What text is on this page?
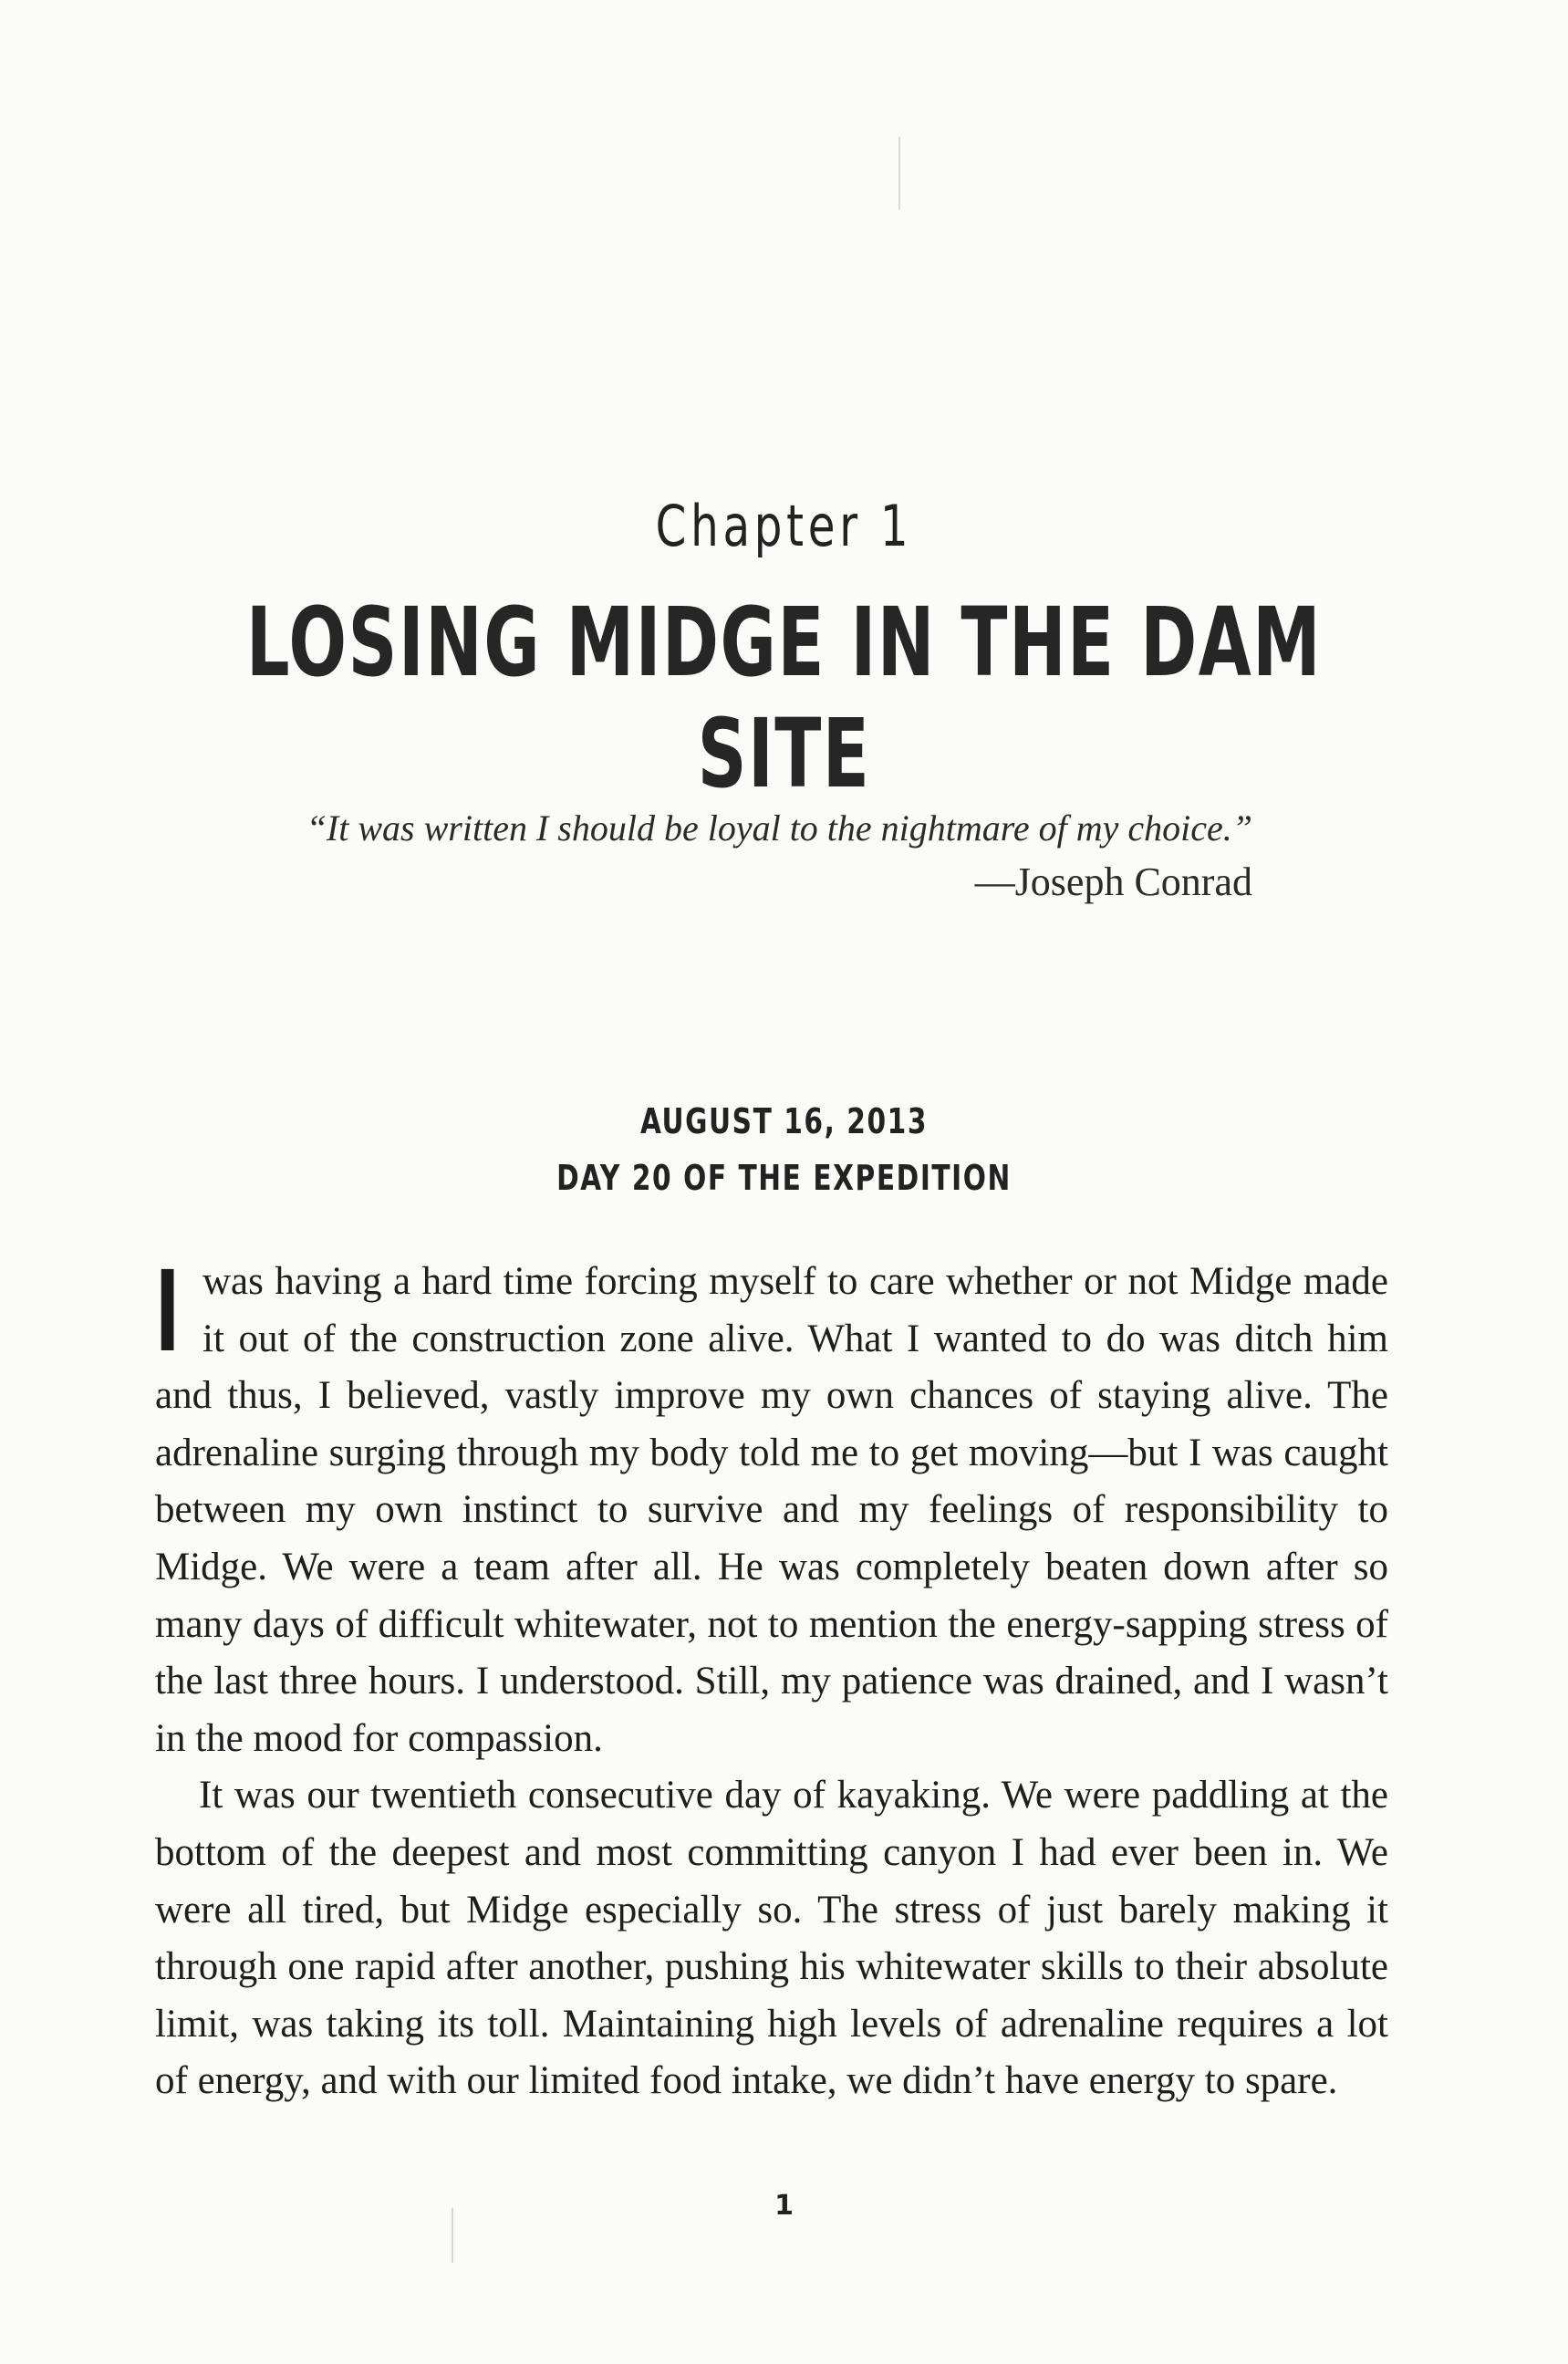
Chapter 1
LOSING MIDGE IN THE DAM SITE
“It was written I should be loyal to the nightmare of my choice.”
—Joseph Conrad
AUGUST 16, 2013
DAY 20 OF THE EXPEDITION

Iwas having a hard time forcing myself to care whether or not Midge made it out of the construction zone alive. What I wanted to do was ditch him and thus, I believed, vastly improve my own chances of staying alive. The adrenaline surging through my body told me to get moving—but I was caught between my own instinct to survive and my feelings of responsibility to Midge. We were a team after all. He was completely beaten down after so many days of difficult whitewater, not to mention the energy-sapping stress of the last three hours. I understood. Still, my patience was drained, and I wasn’t in the mood for compassion.

It was our twentieth consecutive day of kayaking. We were paddling at the bottom of the deepest and most committing canyon I had ever been in. We were all tired, but Midge especially so. The stress of just barely making it through one rapid after another, pushing his whitewater skills to their absolute limit, was taking its toll. Maintaining high levels of adrenaline requires a lot of energy, and with our limited food intake, we didn’t have energy to spare.

1
